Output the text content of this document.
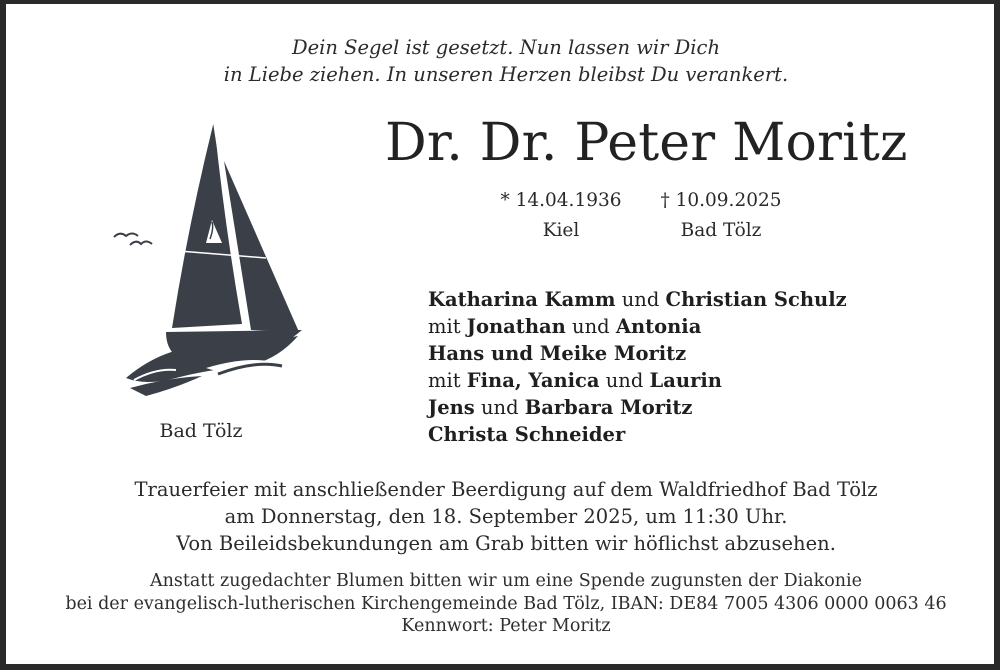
Dein Segel ist gesetzt. Nun lassen wir Dich
in Liebe ziehen. In unseren Herzen bleibst Du verankert.
Bad Tölz
Dr. Dr. Peter Moritz
* 14.04.1936
Kiel
† 10.09.2025
Bad Tölz
Katharina Kamm und Christian Schulz
mit Jonathan und Antonia
Hans und Meike Moritz
mit Fina, Yanica und Laurin
Jens und Barbara Moritz
Christa Schneider
Trauerfeier mit anschließender Beerdigung auf dem Waldfriedhof Bad Tölz
am Donnerstag, den 18. September 2025, um 11:30 Uhr.
Von Beileidsbekundungen am Grab bitten wir höflichst abzusehen.
Anstatt zugedachter Blumen bitten wir um eine Spende zugunsten der Diakonie
bei der evangelisch-lutherischen Kirchengemeinde Bad Tölz, IBAN: DE84 7005 4306 0000 0063 46
Kennwort: Peter Moritz
